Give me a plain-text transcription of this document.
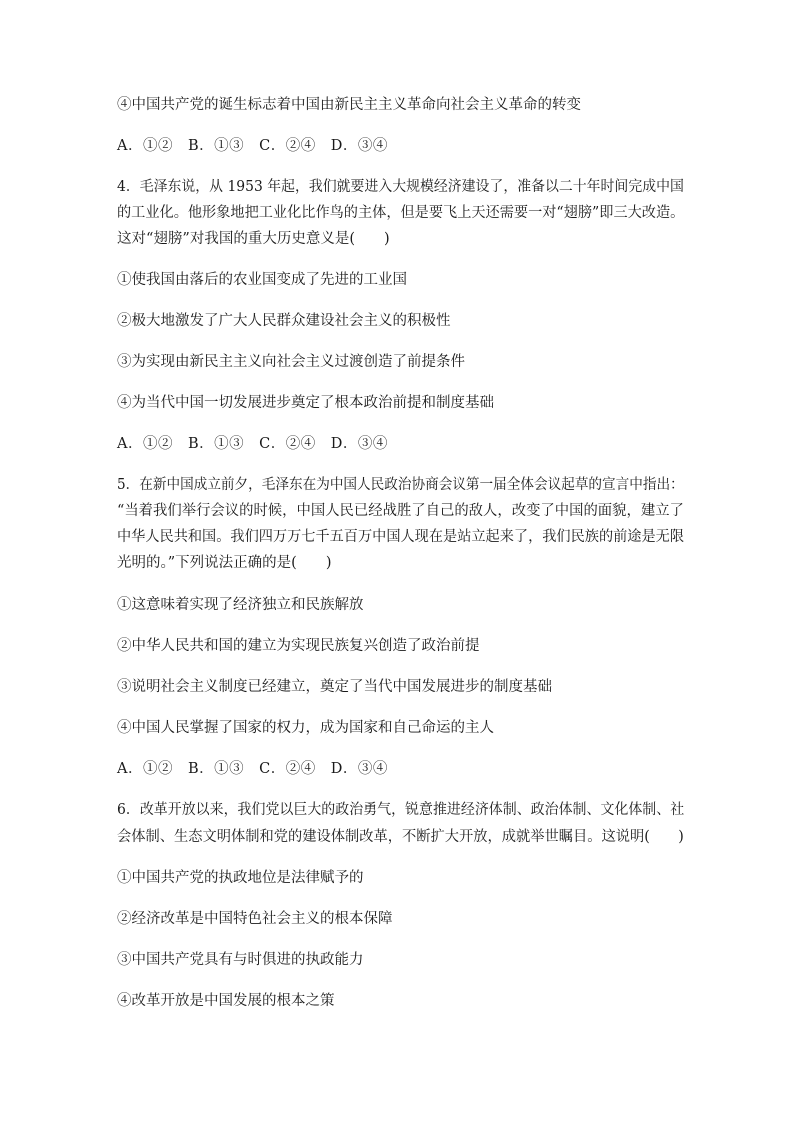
④中国共产党的诞生标志着中国由新民主主义革命向社会主义革命的转变
A．①②　B．①③　C．②④　D．③④
4．毛泽东说，从 1953 年起，我们就要进入大规模经济建设了，准备以二十年时间完成中国
的工业化。他形象地把工业化比作鸟的主体，但是要飞上天还需要一对“翅膀”即三大改造。
这对“翅膀”对我国的重大历史意义是(　　)
①使我国由落后的农业国变成了先进的工业国
②极大地激发了广大人民群众建设社会主义的积极性
③为实现由新民主主义向社会主义过渡创造了前提条件
④为当代中国一切发展进步奠定了根本政治前提和制度基础
A．①②　B．①③　C．②④　D．③④
5．在新中国成立前夕，毛泽东在为中国人民政治协商会议第一届全体会议起草的宣言中指出：
“当着我们举行会议的时候，中国人民已经战胜了自己的敌人，改变了中国的面貌，建立了
中华人民共和国。我们四万万七千五百万中国人现在是站立起来了，我们民族的前途是无限
光明的。”下列说法正确的是(　　)
①这意味着实现了经济独立和民族解放
②中华人民共和国的建立为实现民族复兴创造了政治前提
③说明社会主义制度已经建立，奠定了当代中国发展进步的制度基础
④中国人民掌握了国家的权力，成为国家和自己命运的主人
A．①②　B．①③　C．②④　D．③④
6．改革开放以来，我们党以巨大的政治勇气，锐意推进经济体制、政治体制、文化体制、社
会体制、生态文明体制和党的建设体制改革，不断扩大开放，成就举世瞩目。这说明(　　)
①中国共产党的执政地位是法律赋予的
②经济改革是中国特色社会主义的根本保障
③中国共产党具有与时俱进的执政能力
④改革开放是中国发展的根本之策
